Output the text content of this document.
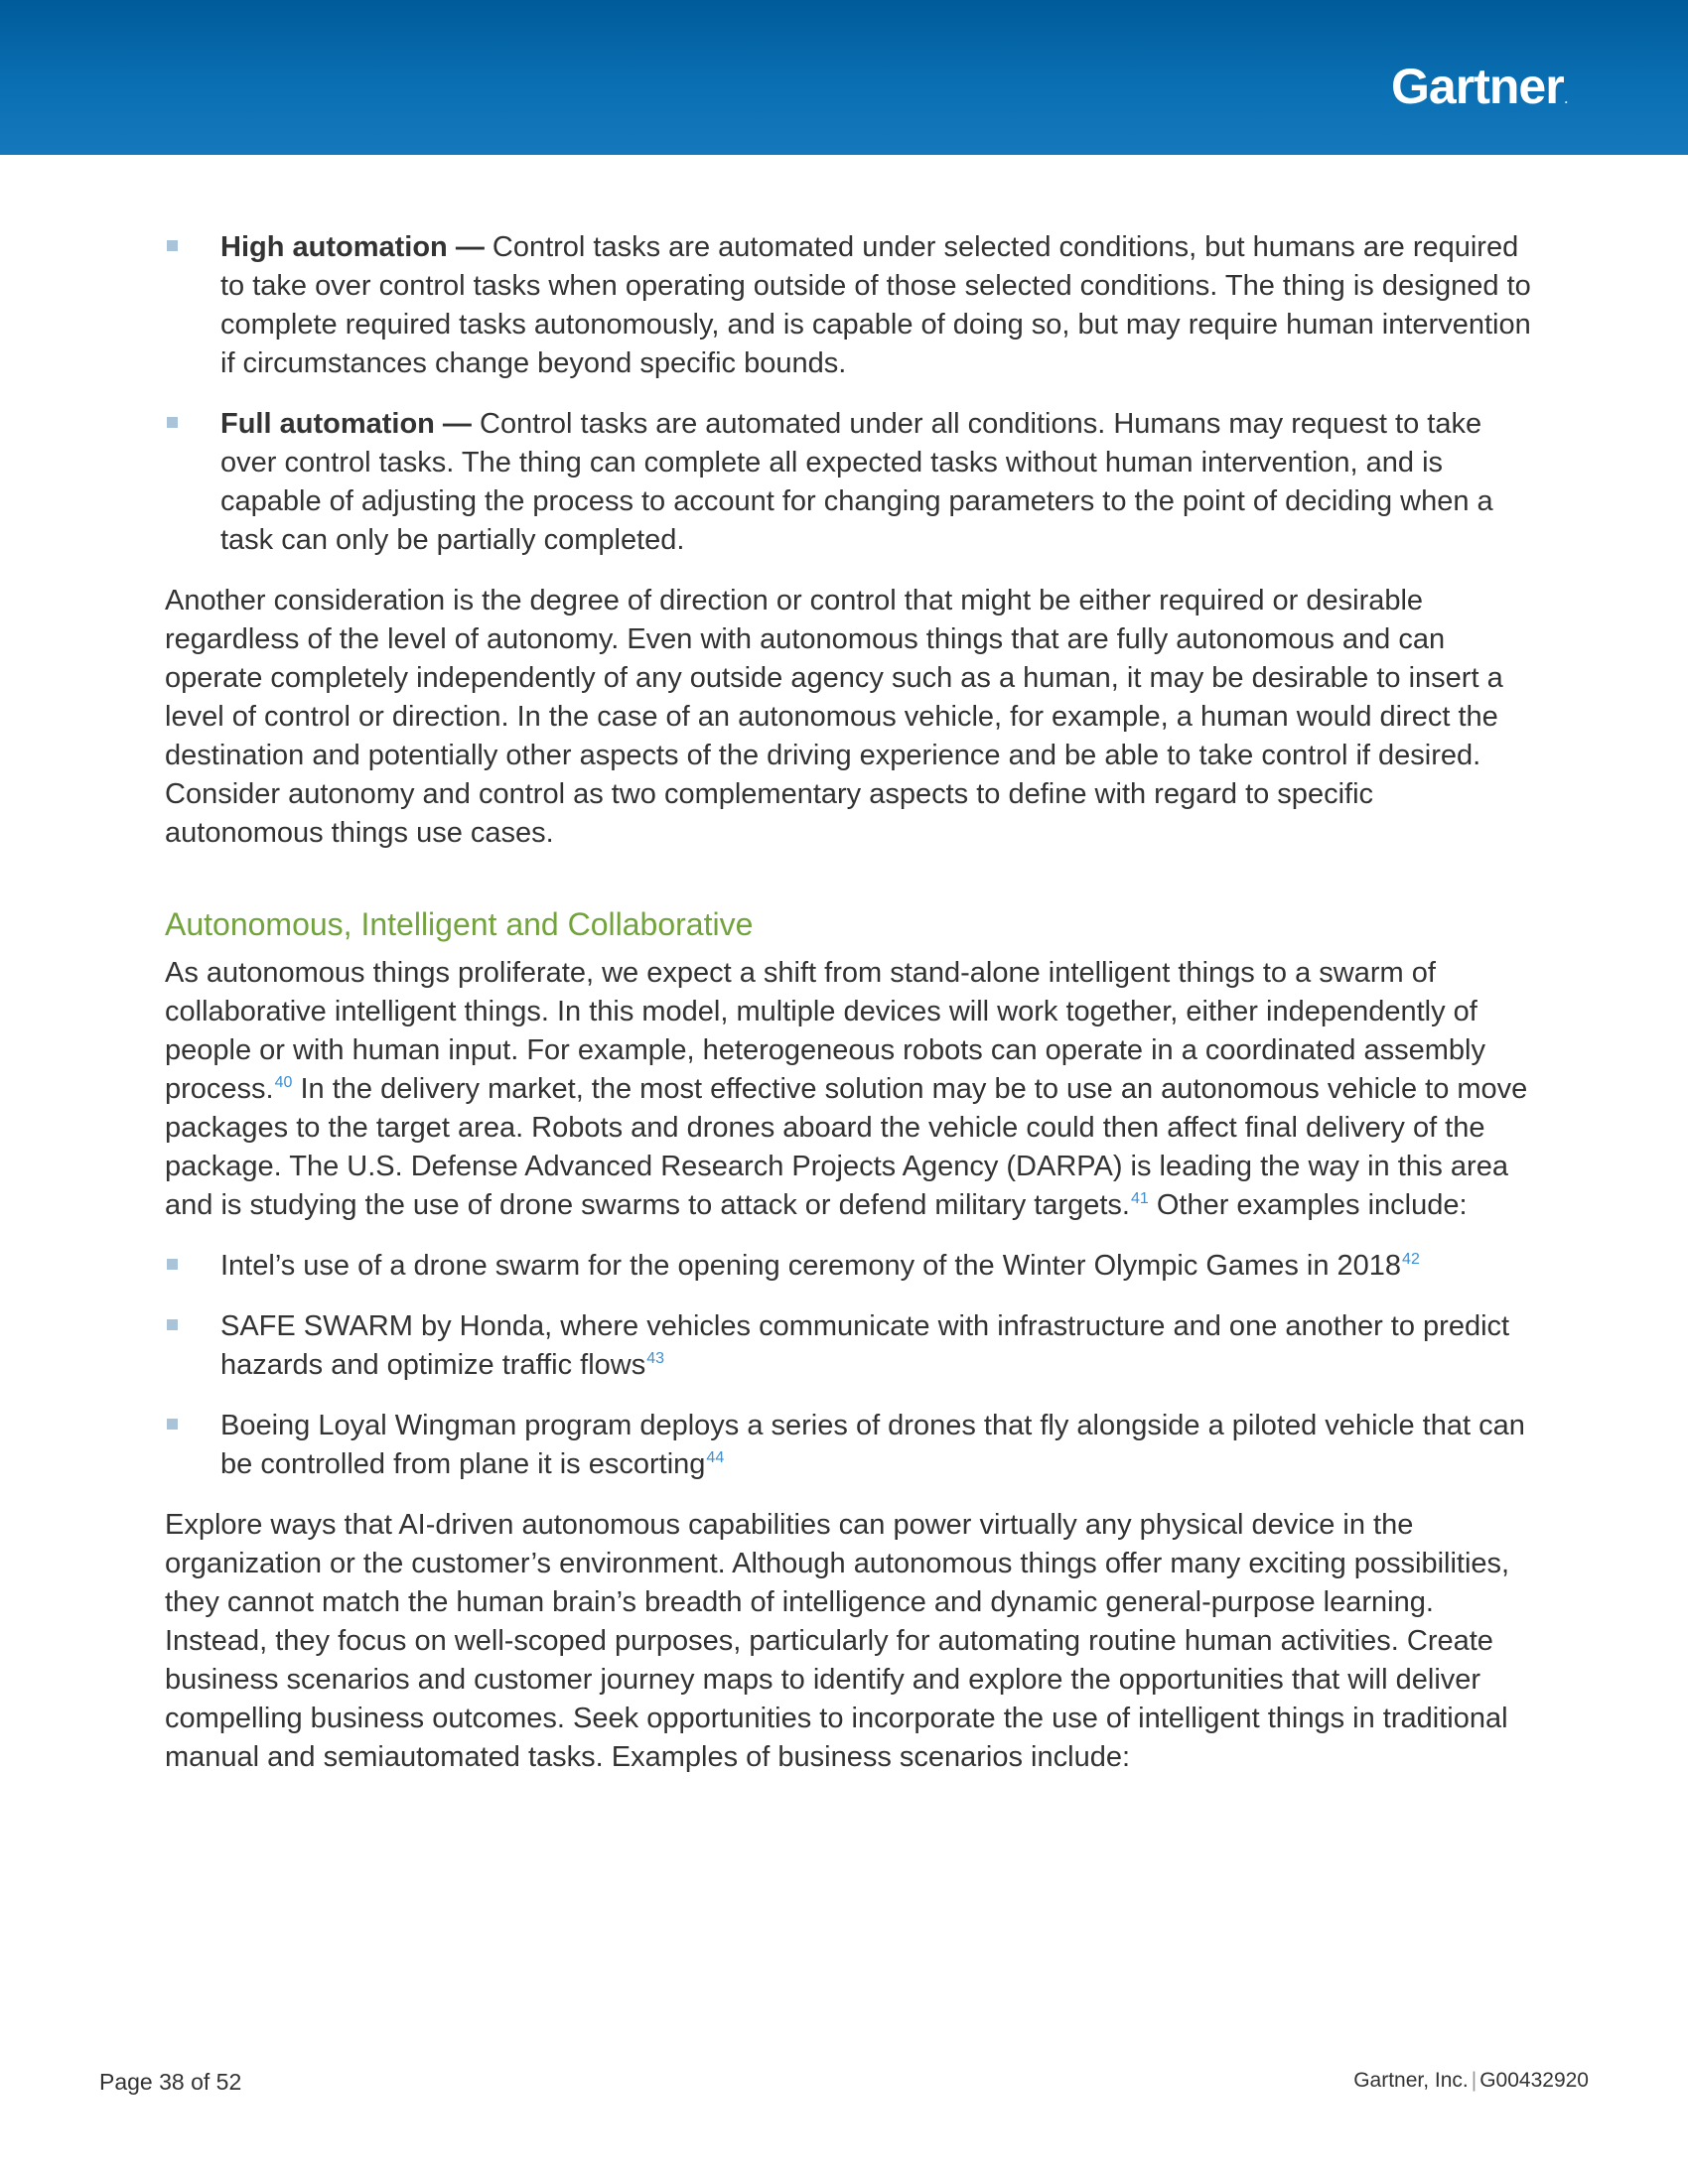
Gartner.
High automation — Control tasks are automated under selected conditions, but humans are required to take over control tasks when operating outside of those selected conditions. The thing is designed to complete required tasks autonomously, and is capable of doing so, but may require human intervention if circumstances change beyond specific bounds.
Full automation — Control tasks are automated under all conditions. Humans may request to take over control tasks. The thing can complete all expected tasks without human intervention, and is capable of adjusting the process to account for changing parameters to the point of deciding when a task can only be partially completed.

Another consideration is the degree of direction or control that might be either required or desirable regardless of the level of autonomy. Even with autonomous things that are fully autonomous and can operate completely independently of any outside agency such as a human, it may be desirable to insert a level of control or direction. In the case of an autonomous vehicle, for example, a human would direct the destination and potentially other aspects of the driving experience and be able to take control if desired. Consider autonomy and control as two complementary aspects to define with regard to specific autonomous things use cases.

Autonomous, Intelligent and Collaborative

As autonomous things proliferate, we expect a shift from stand-alone intelligent things to a swarm of collaborative intelligent things. In this model, multiple devices will work together, either independently of people or with human input. For example, heterogeneous robots can operate in a coordinated assembly process.$^{40}$ In the delivery market, the most effective solution may be to use an autonomous vehicle to move packages to the target area. Robots and drones aboard the vehicle could then affect final delivery of the package. The U.S. Defense Advanced Research Projects Agency (DARPA) is leading the way in this area and is studying the use of drone swarms to attack or defend military targets.$^{41}$ Other examples include:

Intel’s use of a drone swarm for the opening ceremony of the Winter Olympic Games in 2018$^{42}$
SAFE SWARM by Honda, where vehicles communicate with infrastructure and one another to predict hazards and optimize traffic flows$^{43}$
Boeing Loyal Wingman program deploys a series of drones that fly alongside a piloted vehicle that can be controlled from plane it is escorting$^{44}$

Explore ways that AI-driven autonomous capabilities can power virtually any physical device in the organization or the customer’s environment. Although autonomous things offer many exciting possibilities, they cannot match the human brain’s breadth of intelligence and dynamic general-purpose learning. Instead, they focus on well-scoped purposes, particularly for automating routine human activities. Create business scenarios and customer journey maps to identify and explore the opportunities that will deliver compelling business outcomes. Seek opportunities to incorporate the use of intelligent things in traditional manual and semiautomated tasks. Examples of business scenarios include:

Page 38 of 52	Gartner, Inc. | G00432920
